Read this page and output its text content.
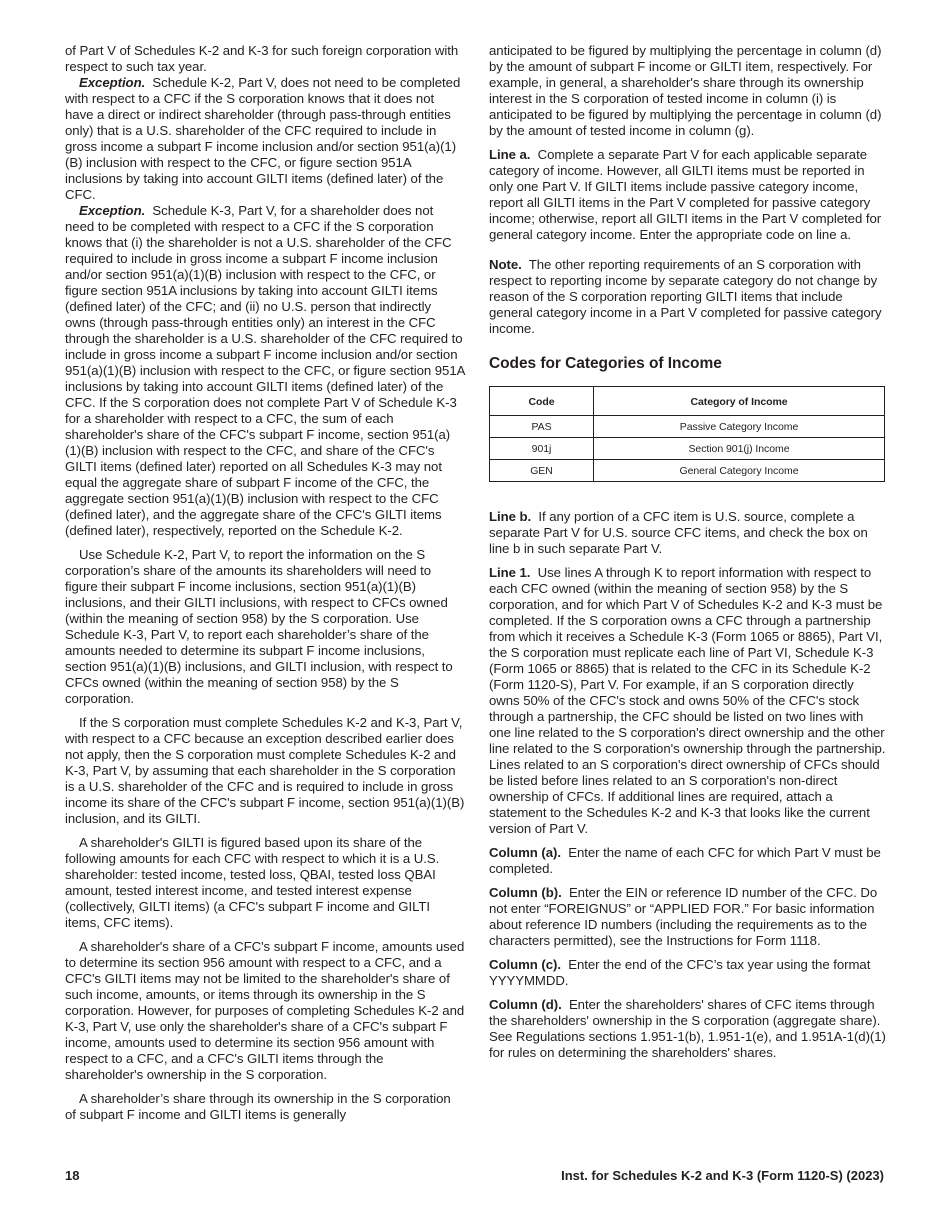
of Part V of Schedules K-2 and K-3 for such foreign corporation with respect to such tax year.

Exception. Schedule K-2, Part V, does not need to be completed with respect to a CFC if the S corporation knows that it does not have a direct or indirect shareholder (through pass-through entities only) that is a U.S. shareholder of the CFC required to include in gross income a subpart F income inclusion and/or section 951(a)(1)(B) inclusion with respect to the CFC, or figure section 951A inclusions by taking into account GILTI items (defined later) of the CFC.

Exception. Schedule K-3, Part V, for a shareholder does not need to be completed with respect to a CFC if the S corporation knows that (i) the shareholder is not a U.S. shareholder of the CFC required to include in gross income a subpart F income inclusion and/or section 951(a)(1)(B) inclusion with respect to the CFC, or figure section 951A inclusions by taking into account GILTI items (defined later) of the CFC; and (ii) no U.S. person that indirectly owns (through pass-through entities only) an interest in the CFC through the shareholder is a U.S. shareholder of the CFC required to include in gross income a subpart F income inclusion and/or section 951(a)(1)(B) inclusion with respect to the CFC, or figure section 951A inclusions by taking into account GILTI items (defined later) of the CFC. If the S corporation does not complete Part V of Schedule K-3 for a shareholder with respect to a CFC, the sum of each shareholder's share of the CFC's subpart F income, section 951(a)(1)(B) inclusion with respect to the CFC, and share of the CFC's GILTI items (defined later) reported on all Schedules K-3 may not equal the aggregate share of subpart F income of the CFC, the aggregate section 951(a)(1)(B) inclusion with respect to the CFC (defined later), and the aggregate share of the CFC's GILTI items (defined later), respectively, reported on the Schedule K-2.

Use Schedule K-2, Part V, to report the information on the S corporation’s share of the amounts its shareholders will need to figure their subpart F income inclusions, section 951(a)(1)(B) inclusions, and their GILTI inclusions, with respect to CFCs owned (within the meaning of section 958) by the S corporation. Use Schedule K-3, Part V, to report each shareholder’s share of the amounts needed to determine its subpart F income inclusions, section 951(a)(1)(B) inclusions, and GILTI inclusion, with respect to CFCs owned (within the meaning of section 958) by the S corporation.

If the S corporation must complete Schedules K-2 and K-3, Part V, with respect to a CFC because an exception described earlier does not apply, then the S corporation must complete Schedules K-2 and K-3, Part V, by assuming that each shareholder in the S corporation is a U.S. shareholder of the CFC and is required to include in gross income its share of the CFC's subpart F income, section 951(a)(1)(B) inclusion, and its GILTI.

A shareholder's GILTI is figured based upon its share of the following amounts for each CFC with respect to which it is a U.S. shareholder: tested income, tested loss, QBAI, tested loss QBAI amount, tested interest income, and tested interest expense (collectively, GILTI items) (a CFC's subpart F income and GILTI items, CFC items).

A shareholder's share of a CFC's subpart F income, amounts used to determine its section 956 amount with respect to a CFC, and a CFC's GILTI items may not be limited to the shareholder's share of such income, amounts, or items through its ownership in the S corporation. However, for purposes of completing Schedules K-2 and K-3, Part V, use only the shareholder's share of a CFC's subpart F income, amounts used to determine its section 956 amount with respect to a CFC, and a CFC's GILTI items through the shareholder's ownership in the S corporation.

A shareholder’s share through its ownership in the S corporation of subpart F income and GILTI items is generally

anticipated to be figured by multiplying the percentage in column (d) by the amount of subpart F income or GILTI item, respectively. For example, in general, a shareholder's share through its ownership interest in the S corporation of tested income in column (i) is anticipated to be figured by multiplying the percentage in column (d) by the amount of tested income in column (g).

Line a. Complete a separate Part V for each applicable separate category of income. However, all GILTI items must be reported in only one Part V. If GILTI items include passive category income, report all GILTI items in the Part V completed for passive category income; otherwise, report all GILTI items in the Part V completed for general category income. Enter the appropriate code on line a.

Note. The other reporting requirements of an S corporation with respect to reporting income by separate category do not change by reason of the S corporation reporting GILTI items that include general category income in a Part V completed for passive category income.

Codes for Categories of Income
Code	Category of Income
PAS	Passive Category Income
901j	Section 901(j) Income
GEN	General Category Income

Line b. If any portion of a CFC item is U.S. source, complete a separate Part V for U.S. source CFC items, and check the box on line b in such separate Part V.

Line 1. Use lines A through K to report information with respect to each CFC owned (within the meaning of section 958) by the S corporation, and for which Part V of Schedules K-2 and K-3 must be completed. If the S corporation owns a CFC through a partnership from which it receives a Schedule K-3 (Form 1065 or 8865), Part VI, the S corporation must replicate each line of Part VI, Schedule K-3 (Form 1065 or 8865) that is related to the CFC in its Schedule K-2 (Form 1120-S), Part V. For example, if an S corporation directly owns 50% of the CFC's stock and owns 50% of the CFC's stock through a partnership, the CFC should be listed on two lines with one line related to the S corporation's direct ownership and the other line related to the S corporation's ownership through the partnership. Lines related to an S corporation's direct ownership of CFCs should be listed before lines related to an S corporation's non-direct ownership of CFCs. If additional lines are required, attach a statement to the Schedules K-2 and K-3 that looks like the current version of Part V.

Column (a). Enter the name of each CFC for which Part V must be completed.

Column (b). Enter the EIN or reference ID number of the CFC. Do not enter “FOREIGNUS” or “APPLIED FOR.” For basic information about reference ID numbers (including the requirements as to the characters permitted), see the Instructions for Form 1118.

Column (c). Enter the end of the CFC’s tax year using the format YYYYMMDD.

Column (d). Enter the shareholders' shares of CFC items through the shareholders' ownership in the S corporation (aggregate share). See Regulations sections 1.951-1(b), 1.951-1(e), and 1.951A-1(d)(1) for rules on determining the shareholders' shares.

18	Inst. for Schedules K-2 and K-3 (Form 1120-S) (2023)
